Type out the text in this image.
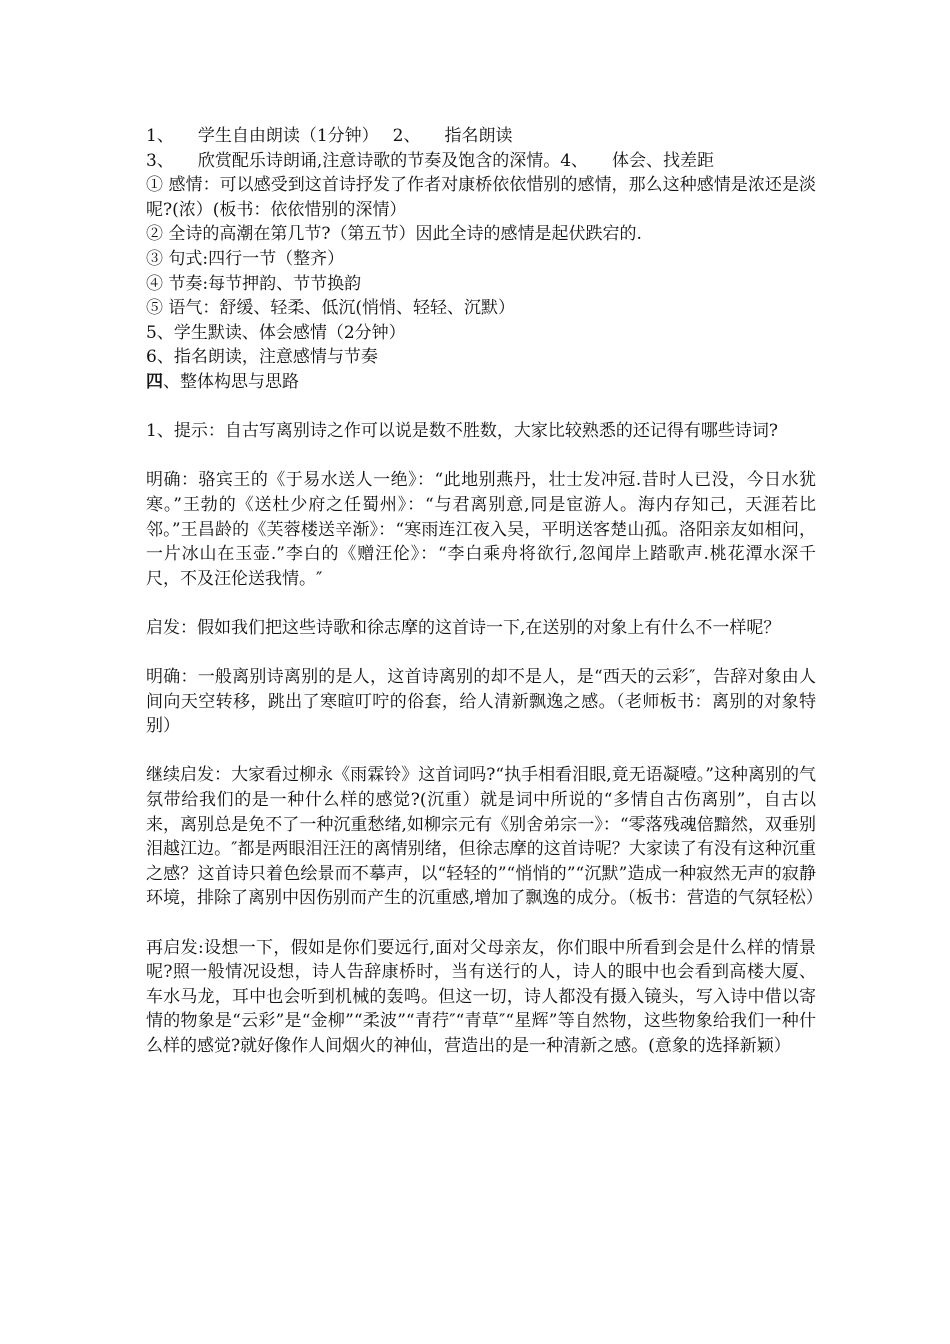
1、 学生自由朗读（1分钟） 2、 指名朗读
3、 欣赏配乐诗朗诵,注意诗歌的节奏及饱含的深情。4、 体会、找差距
① 感情：可以感受到这首诗抒发了作者对康桥依依惜别的感情，那么这种感情是浓还是淡呢?(浓）(板书：依依惜别的深情）
② 全诗的高潮在第几节?（第五节）因此全诗的感情是起伏跌宕的.
③ 句式:四行一节（整齐）
④ 节奏:每节押韵、节节换韵
⑤ 语气：舒缓、轻柔、低沉(悄悄、轻轻、沉默）
5、学生默读、体会感情（2分钟）
6、指名朗读，注意感情与节奏
四、整体构思与思路
1、提示：自古写离别诗之作可以说是数不胜数，大家比较熟悉的还记得有哪些诗词?
明确：骆宾王的《于易水送人一绝》：“此地别燕丹，壮士发冲冠.昔时人已没，今日水犹寒。”王勃的《送杜少府之任蜀州》：“与君离别意,同是宦游人。海内存知己，天涯若比邻。”王昌龄的《芙蓉楼送辛渐》：“寒雨连江夜入吴，平明送客楚山孤。洛阳亲友如相问，一片冰山在玉壶.”李白的《赠汪伦》：“李白乘舟将欲行,忽闻岸上踏歌声.桃花潭水深千尺，不及汪伦送我情。″
启发：假如我们把这些诗歌和徐志摩的这首诗一下,在送别的对象上有什么不一样呢？
明确：一般离别诗离别的是人，这首诗离别的却不是人，是“西天的云彩″，告辞对象由人间向天空转移，跳出了寒暄叮咛的俗套，给人清新飘逸之感。（老师板书：离别的对象特别）
继续启发：大家看过柳永《雨霖铃》这首词吗?“执手相看泪眼,竟无语凝噎。”这种离别的气氛带给我们的是一种什么样的感觉?(沉重）就是词中所说的“多情自古伤离别”，自古以来，离别总是免不了一种沉重愁绪,如柳宗元有《别舍弟宗一》：“零落残魂倍黯然，双垂别泪越江边。″都是两眼泪汪汪的离情别绪，但徐志摩的这首诗呢？大家读了有没有这种沉重之感？这首诗只着色绘景而不摹声，以“轻轻的”“悄悄的”“沉默”造成一种寂然无声的寂静环境，排除了离别中因伤别而产生的沉重感,增加了飘逸的成分。（板书：营造的气氛轻松）
再启发:设想一下，假如是你们要远行,面对父母亲友，你们眼中所看到会是什么样的情景呢?照一般情况设想，诗人告辞康桥时，当有送行的人，诗人的眼中也会看到高楼大厦、车水马龙，耳中也会听到机械的轰鸣。但这一切，诗人都没有摄入镜头，写入诗中借以寄情的物象是“云彩”是“金柳”“柔波”“青荇″“青草″“星辉”等自然物，这些物象给我们一种什么样的感觉?就好像作人间烟火的神仙，营造出的是一种清新之感。(意象的选择新颖）
